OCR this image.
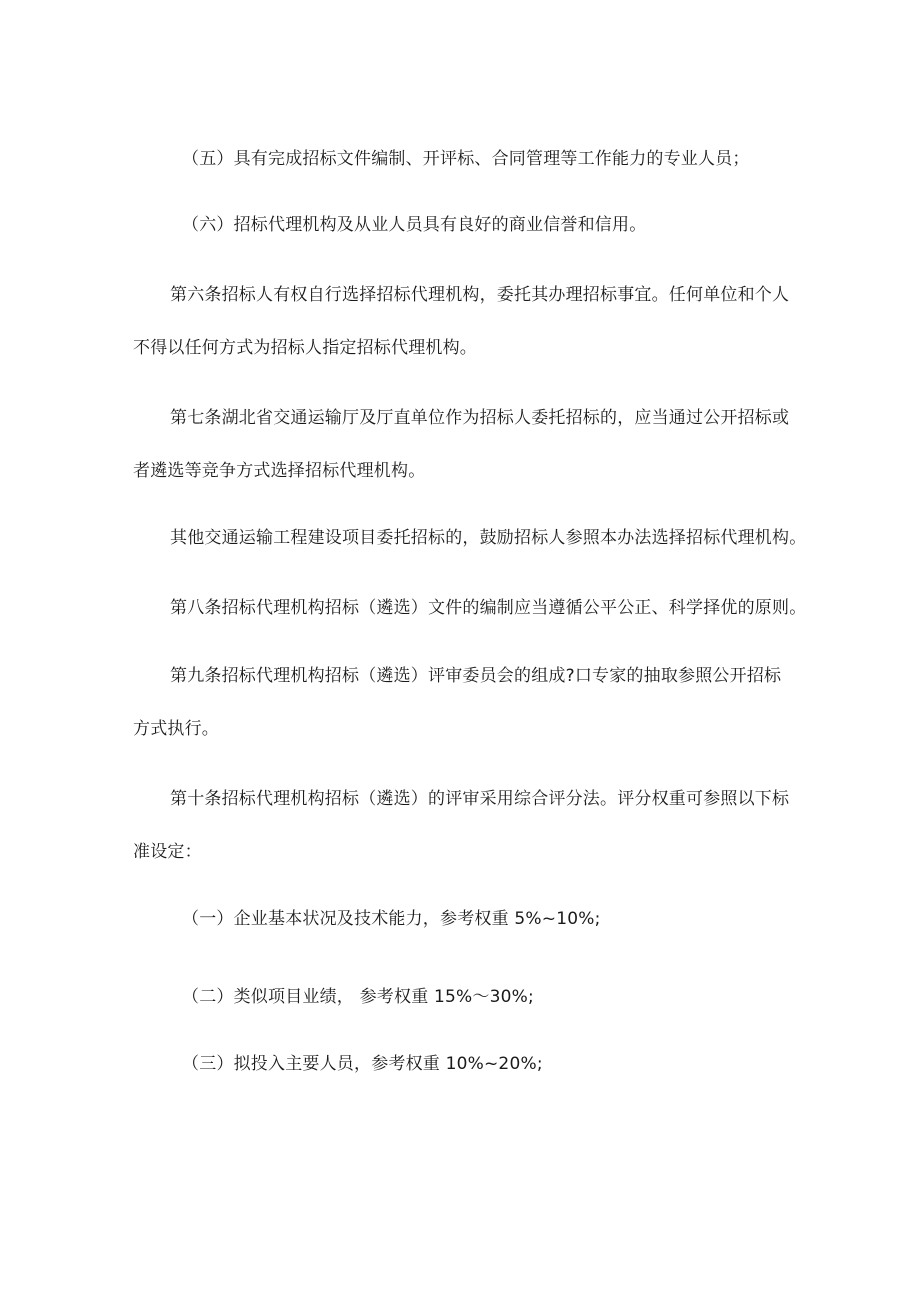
（五）具有完成招标文件编制、开评标、合同管理等工作能力的专业人员；

（六）招标代理机构及从业人员具有良好的商业信誉和信用。

第六条招标人有权自行选择招标代理机构，委托其办理招标事宜。任何单位和个人

不得以任何方式为招标人指定招标代理机构。

第七条湖北省交通运输厅及厅直单位作为招标人委托招标的，应当通过公开招标或

者遴选等竞争方式选择招标代理机构。

其他交通运输工程建设项目委托招标的，鼓励招标人参照本办法选择招标代理机构。

第八条招标代理机构招标（遴选）文件的编制应当遵循公平公正、科学择优的原则。

第九条招标代理机构招标（遴选）评审委员会的组成?口专家的抽取参照公开招标

方式执行。

第十条招标代理机构招标（遴选）的评审采用综合评分法。评分权重可参照以下标

准设定：

（一）企业基本状况及技术能力，参考权重 5%~10%;

（二）类似项目业绩， 参考权重 15%～30%;

（三）拟投入主要人员，参考权重 10%~20%;
